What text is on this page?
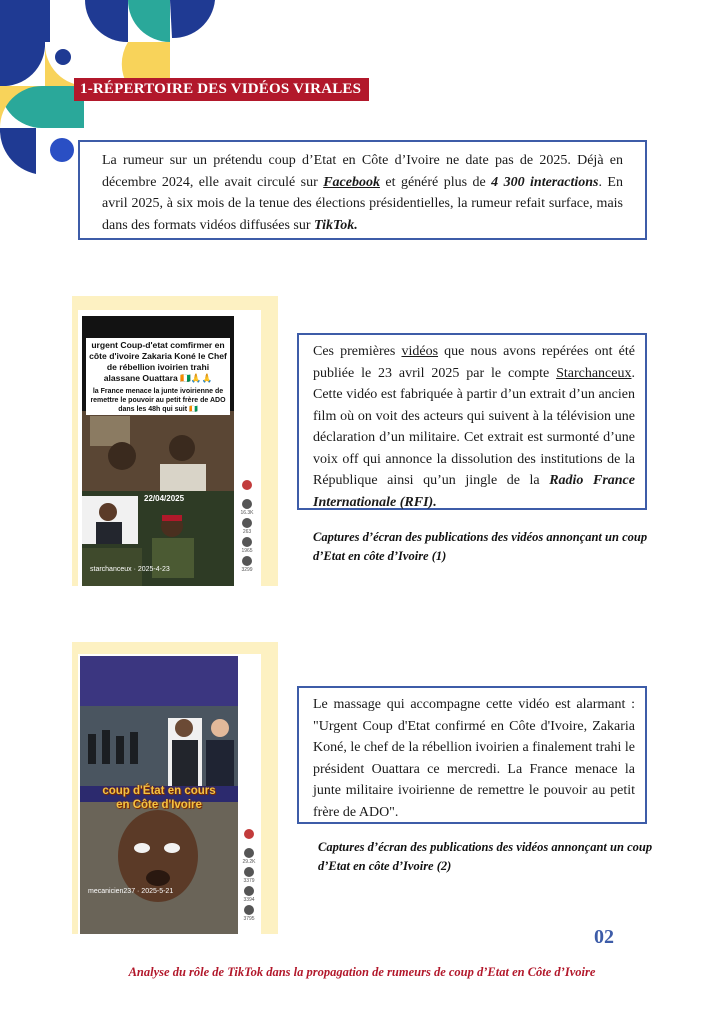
1-RÉPERTOIRE DES VIDÉOS VIRALES
La rumeur sur un prétendu coup d’Etat en Côte d’Ivoire ne date pas de 2025. Déjà en décembre 2024, elle avait circulé sur Facebook et généré plus de 4 300 interactions. En avril 2025, à six mois de la tenue des élections présidentielles, la rumeur refait surface, mais dans des formats vidéos diffusées sur TikTok.
urgent Coup-d'etat comfirmer en côte d'ivoire Zakaria Koné le Chef de rébellion ivoirien trahi alassane Ouattara 🇨🇮🙏🙏
la France menace la junte ivoirienne de remettre le pouvoir au petit frère de ADO dans les 48h qui suit 🇨🇮
22/04/2025
starchanceux · 2025-4-23
16.3K
263
1965
3299
Ces premières vidéos que nous avons repérées ont été publiée le 23 avril 2025 par le compte Starchanceux. Cette vidéo est fabriquée à partir d’un extrait d’un ancien film où on voit des acteurs qui suivent à la télévision une déclaration d’un militaire. Cet extrait est surmonté d’une voix off qui annonce la dissolution des institutions de la République ainsi qu’un jingle de la Radio France Internationale (RFI).
Captures d’écran des publications des vidéos annonçant un coup d’Etat en côte d’Ivoire (1)
coup d'État en cours
en Côte d'Ivoire
mecanicien237 · 2025-5-21
29.2K
3379
3394
3795
Le massage qui accompagne cette vidéo est alarmant : "Urgent Coup d'Etat confirmé en Côte d'Ivoire, Zakaria Koné, le chef de la rébellion ivoirien a finalement trahi le président Ouattara ce mercredi. La France menace la junte militaire ivoirienne de remettre le pouvoir au petit frère de ADO".
Captures d’écran des publications des vidéos annonçant un coup d’Etat en côte d’Ivoire (2)
02
Analyse du rôle de TikTok dans la propagation de rumeurs de coup d’Etat en Côte d’Ivoire
